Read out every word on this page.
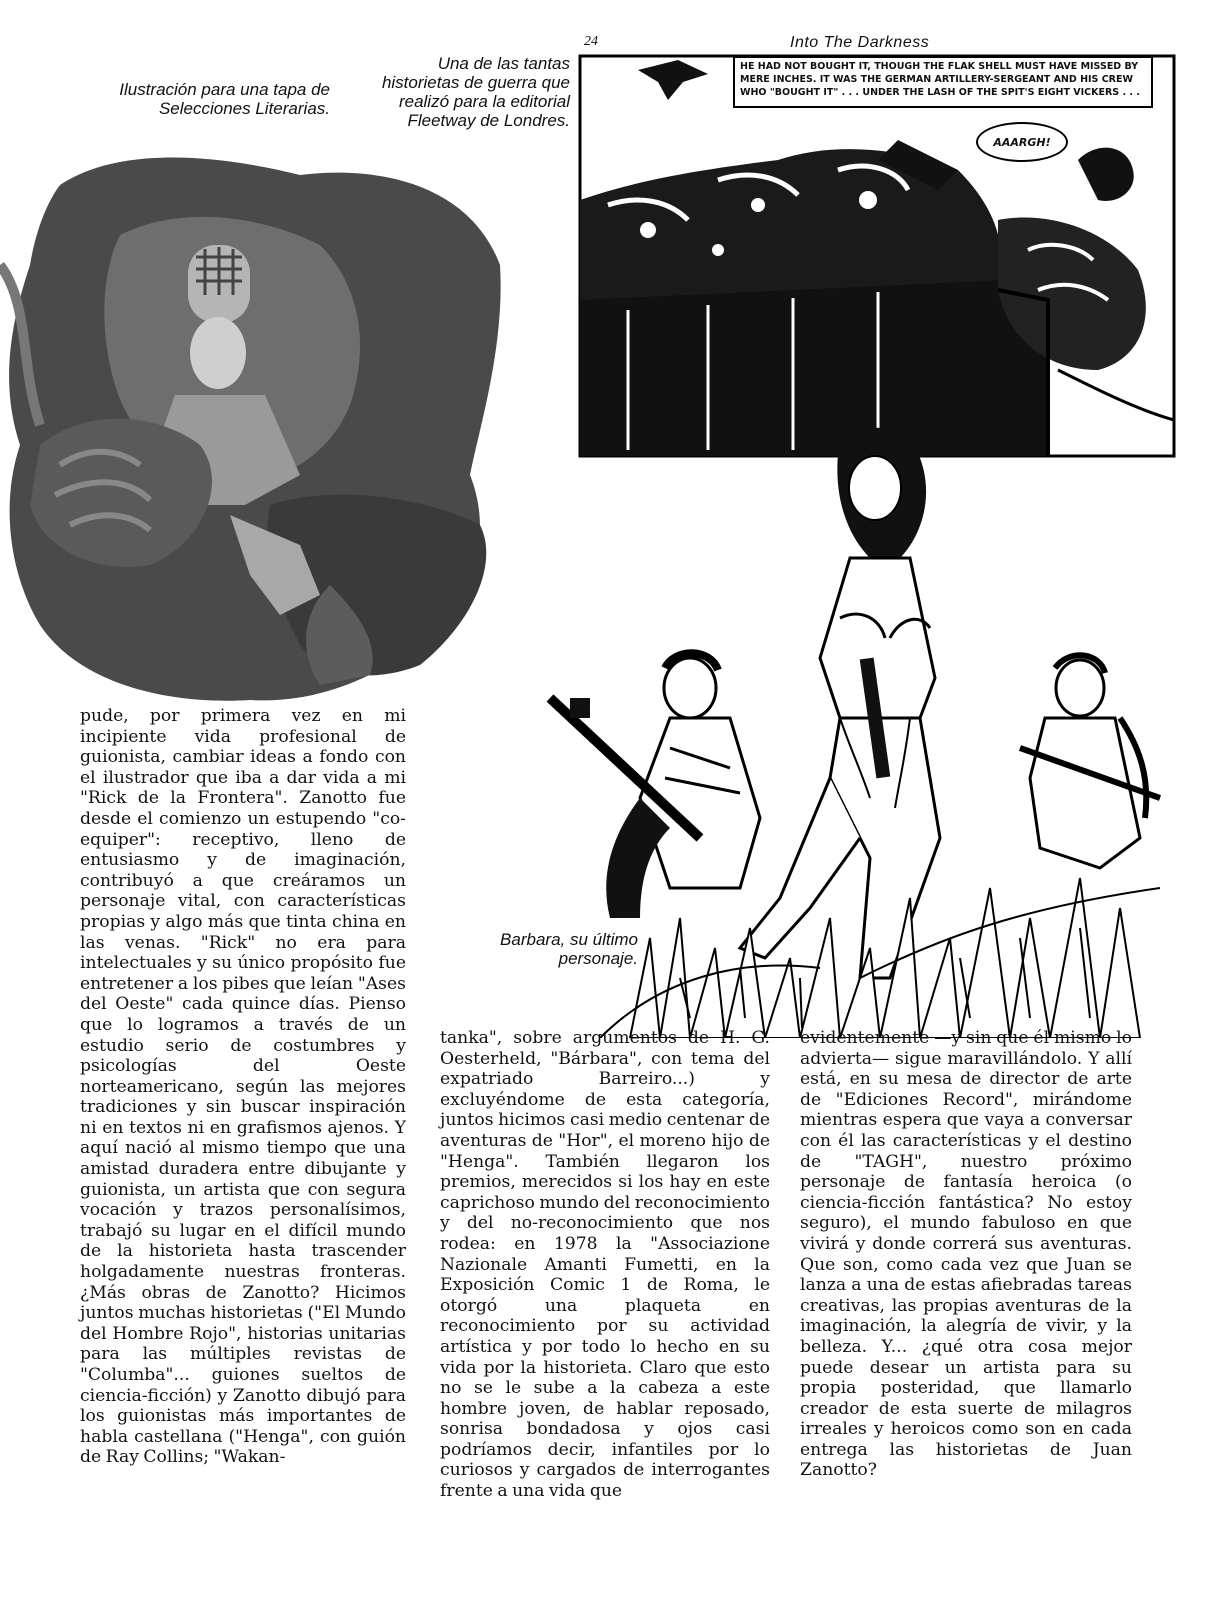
Ilustración para una tapa de Selecciones Literarias.
Una de las tantas historietas de guerra que realizó para la editorial Fleetway de Londres.
24	Into The Darkness
HE HAD NOT BOUGHT IT, THOUGH THE FLAK SHELL MUST HAVE MISSED BY MERE INCHES. IT WAS THE GERMAN ARTILLERY-SERGEANT AND HIS CREW WHO "BOUGHT IT" . . . UNDER THE LASH OF THE SPIT'S EIGHT VICKERS . . .
AAARGH!
Barbara, su último personaje.

pude, por primera vez en mi incipiente vida profesional de guionista, cambiar ideas a fondo con el ilustrador que iba a dar vida a mi "Rick de la Frontera". Zanotto fue desde el comienzo un estupendo "co-equiper": receptivo, lleno de entusiasmo y de imaginación, contribuyó a que creáramos un personaje vital, con características propias y algo más que tinta china en las venas. "Rick" no era para intelectuales y su único propósito fue entretener a los pibes que leían "Ases del Oeste" cada quince días. Pienso que lo logramos a través de un estudio serio de costumbres y psicologías del Oeste norteamericano, según las mejores tradiciones y sin buscar inspiración ni en textos ni en grafismos ajenos. Y aquí nació al mismo tiempo que una amistad duradera entre dibujante y guionista, un artista que con segura vocación y trazos personalísimos, trabajó su lugar en el difícil mundo de la historieta hasta trascender holgadamente nuestras fronteras. ¿Más obras de Zanotto? Hicimos juntos muchas historietas ("El Mundo del Hombre Rojo", historias unitarias para las múltiples revistas de "Columba"... guiones sueltos de ciencia-ficción) y Zanotto dibujó para los guionistas más importantes de habla castellana ("Henga", con guión de Ray Collins; "Wakan-

tanka", sobre argumentos de H. G. Oesterheld, "Bárbara", con tema del expatriado Barreiro...) y excluyéndome de esta categoría, juntos hicimos casi medio centenar de aventuras de "Hor", el moreno hijo de "Henga". También llegaron los premios, merecidos si los hay en este caprichoso mundo del reconocimiento y del no-reconocimiento que nos rodea: en 1978 la "Associazione Nazionale Amanti Fumetti, en la Exposición Comic 1 de Roma, le otorgó una plaqueta en reconocimiento por su actividad artística y por todo lo hecho en su vida por la historieta. Claro que esto no se le sube a la cabeza a este hombre joven, de hablar reposado, sonrisa bondadosa y ojos casi podríamos decir, infantiles por lo curiosos y cargados de interrogantes frente a una vida que

evidentemente —y sin que él mismo lo advierta— sigue maravillándolo. Y allí está, en su mesa de director de arte de "Ediciones Record", mirándome mientras espera que vaya a conversar con él las características y el destino de "TAGH", nuestro próximo personaje de fantasía heroica (o ciencia-ficción fantástica? No estoy seguro), el mundo fabuloso en que vivirá y donde correrá sus aventuras. Que son, como cada vez que Juan se lanza a una de estas afiebradas tareas creativas, las propias aventuras de la imaginación, la alegría de vivir, y la belleza. Y... ¿qué otra cosa mejor puede desear un artista para su propia posteridad, que llamarlo creador de esta suerte de milagros irreales y heroicos como son en cada entrega las historietas de Juan Zanotto?
